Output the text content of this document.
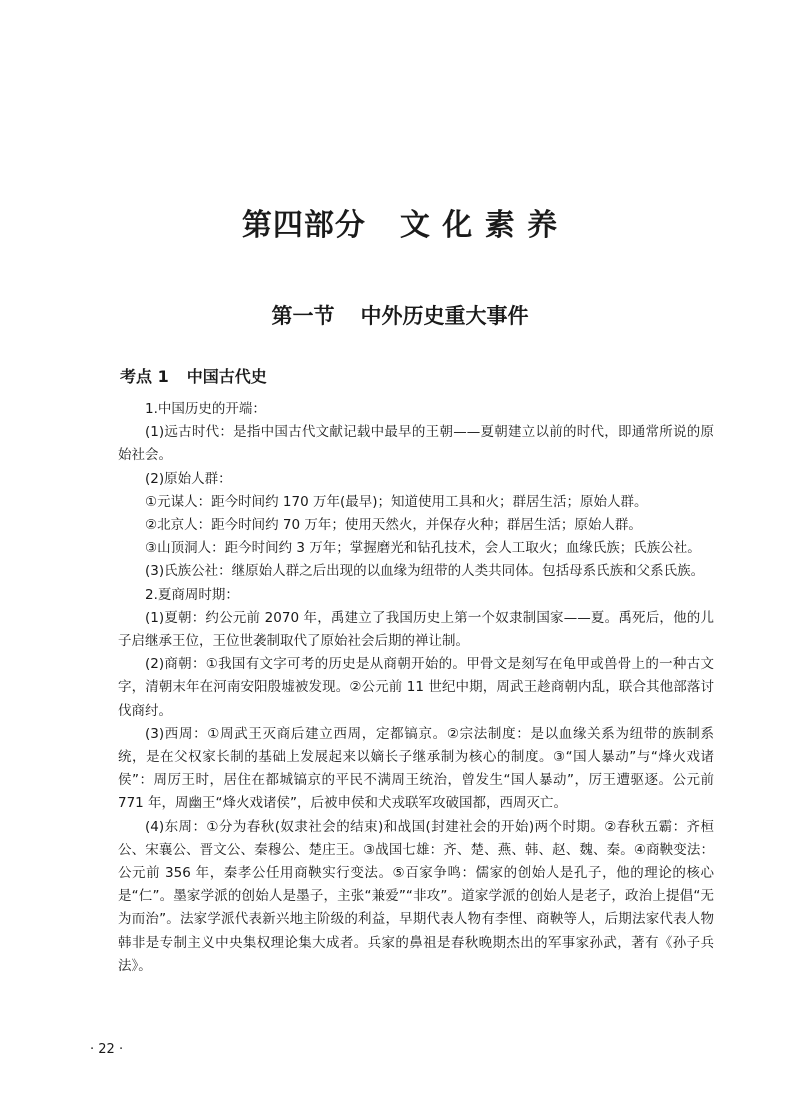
第四部分 文 化 素 养
第一节 中外历史重大事件
考点 1 中国古代史

1.中国历史的开端：

(1)远古时代：是指中国古代文献记载中最早的王朝——夏朝建立以前的时代，即通常所说的原始社会。

(2)原始人群：

①元谋人：距今时间约 170 万年(最早)；知道使用工具和火；群居生活；原始人群。

②北京人：距今时间约 70 万年；使用天然火，并保存火种；群居生活；原始人群。

③山顶洞人：距今时间约 3 万年；掌握磨光和钻孔技术，会人工取火；血缘氏族；氏族公社。

(3)氏族公社：继原始人群之后出现的以血缘为纽带的人类共同体。包括母系氏族和父系氏族。

2.夏商周时期：

(1)夏朝：约公元前 2070 年，禹建立了我国历史上第一个奴隶制国家——夏。禹死后，他的儿子启继承王位，王位世袭制取代了原始社会后期的禅让制。

(2)商朝：①我国有文字可考的历史是从商朝开始的。甲骨文是刻写在龟甲或兽骨上的一种古文字，清朝末年在河南安阳殷墟被发现。②公元前 11 世纪中期，周武王趁商朝内乱，联合其他部落讨伐商纣。

(3)西周：①周武王灭商后建立西周，定都镐京。②宗法制度：是以血缘关系为纽带的族制系统，是在父权家长制的基础上发展起来以嫡长子继承制为核心的制度。③“国人暴动”与“烽火戏诸侯”：周厉王时，居住在都城镐京的平民不满周王统治，曾发生“国人暴动”，厉王遭驱逐。公元前 771 年，周幽王“烽火戏诸侯”，后被申侯和犬戎联军攻破国都，西周灭亡。

(4)东周：①分为春秋(奴隶社会的结束)和战国(封建社会的开始)两个时期。②春秋五霸：齐桓公、宋襄公、晋文公、秦穆公、楚庄王。③战国七雄：齐、楚、燕、韩、赵、魏、秦。④商鞅变法：公元前 356 年，秦孝公任用商鞅实行变法。⑤百家争鸣：儒家的创始人是孔子，他的理论的核心是“仁”。墨家学派的创始人是墨子，主张“兼爱”“非攻”。道家学派的创始人是老子，政治上提倡“无为而治”。法家学派代表新兴地主阶级的利益，早期代表人物有李悝、商鞅等人，后期法家代表人物韩非是专制主义中央集权理论集大成者。兵家的鼻祖是春秋晚期杰出的军事家孙武，著有《孙子兵法》。

· 22 ·
